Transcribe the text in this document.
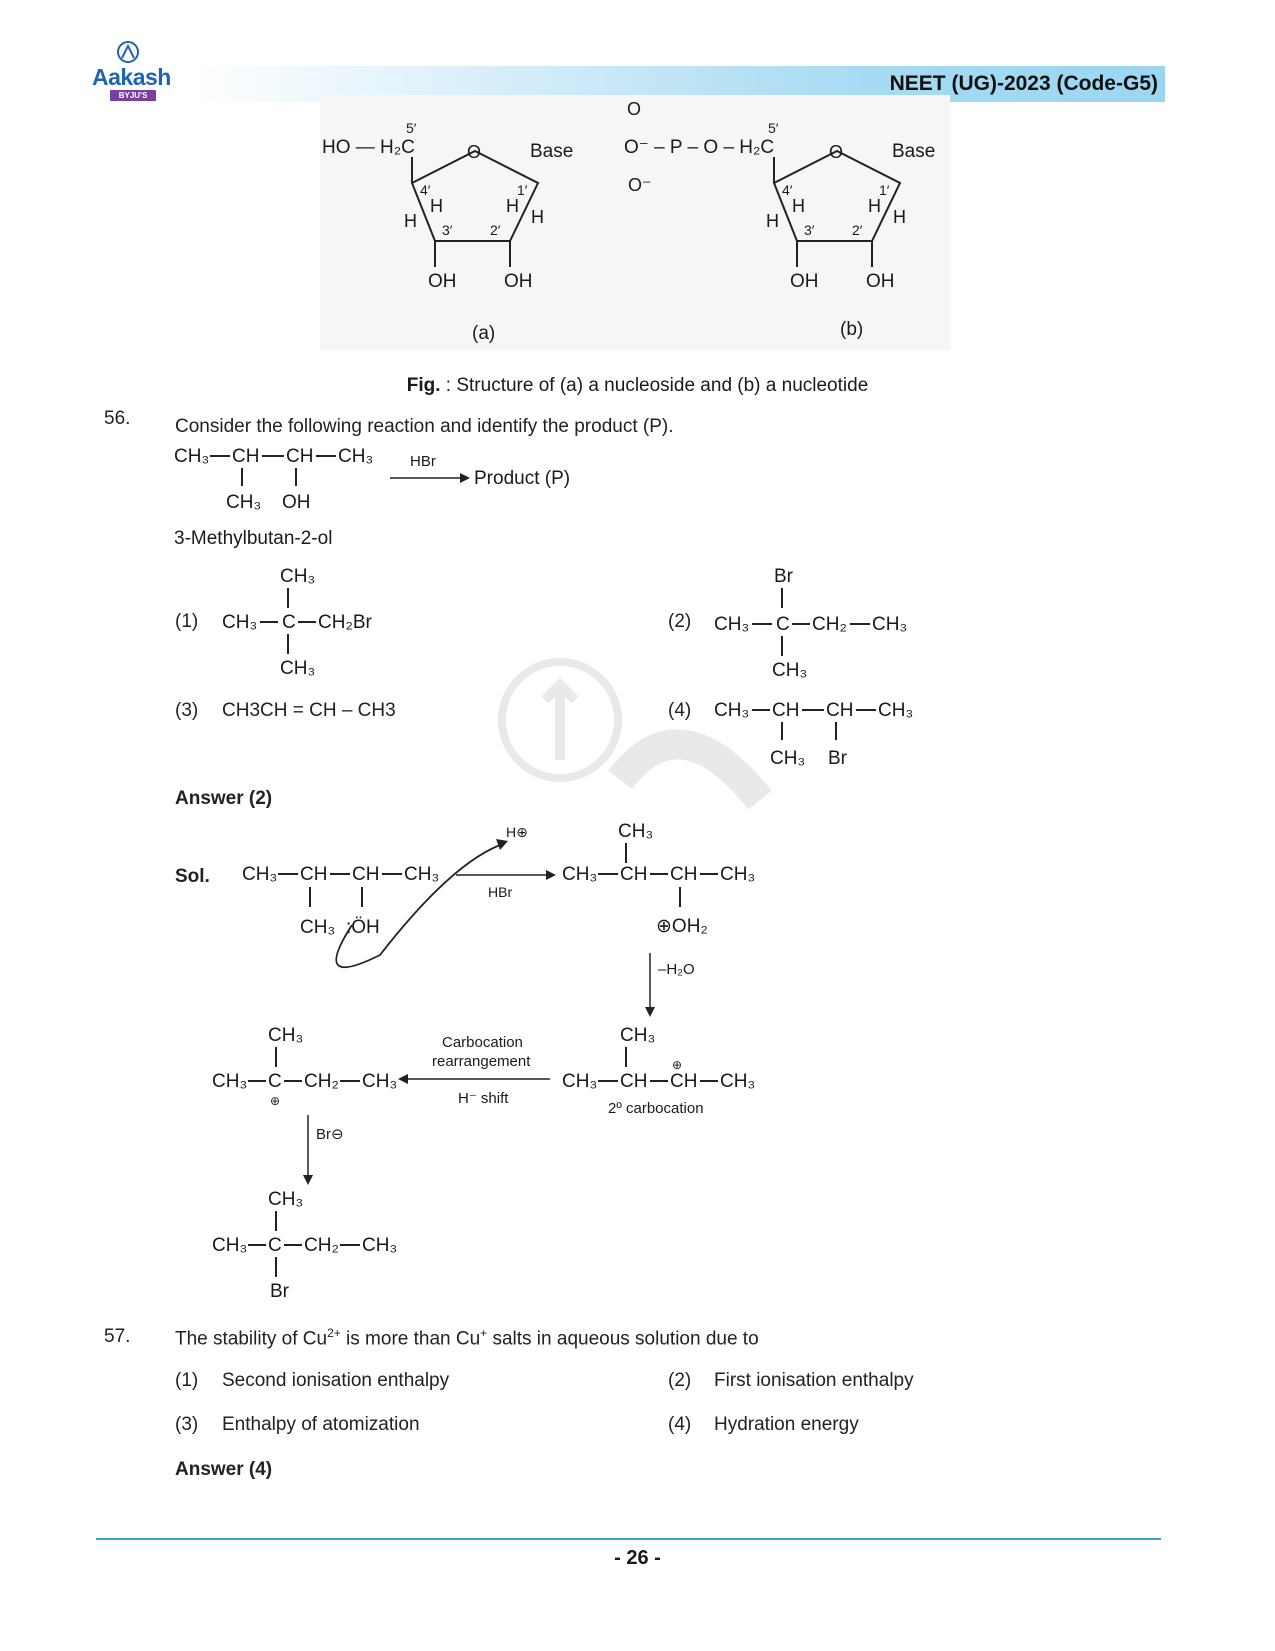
Aakash
BYJU'S
NEET (UG)-2023 (Code-G5)
HO — H₂C
5′
O	Base
4′	1′
3′	2′
H
H	H
H
OH	OH
(a)
O
O⁻
O⁻ – P – O – H₂C
5′
O	Base
4′	1′
3′	2′
H
H	H
H
OH	OH
(b)
Fig. : Structure of (a) a nucleoside and (b) a nucleotide
56. Consider the following reaction and identify the product (P).
CH₃ CH CH CH₃
CH₃ OH
HBr
Product (P)
3-Methylbutan-2-ol
(1)
CH₃
CH₃ C CH₂Br
CH₃
(2)
Br
CH₃ C CH₂ CH₃
CH₃
(3) CH3CH = CH – CH3	(4) CH₃ CH CH CH₃
CH₃ Br
Answer (2)
Sol. CH₃ CH CH CH₃
CH₃ :ÖH
H⊕
HBr
CH₃
CH₃ CH CH CH₃
⊕OH₂
–H₂O
CH₃
CH₃ CH CH
⊕
CH₃
2º carbocation
Carbocation
rearrangement
H⁻ shift
CH₃
CH₃ C
⊕
CH₂ CH₃
Br⊖
CH₃
CH₃ C CH₂ CH₃
Br
57. The stability of $Cu^{2+}$ is more than Cu+ salts in aqueous solution due to
(1) Second ionisation enthalpy	(2) First ionisation enthalpy
(3) Enthalpy of atomization	(4) Hydration energy
Answer (4)
- 26 -
